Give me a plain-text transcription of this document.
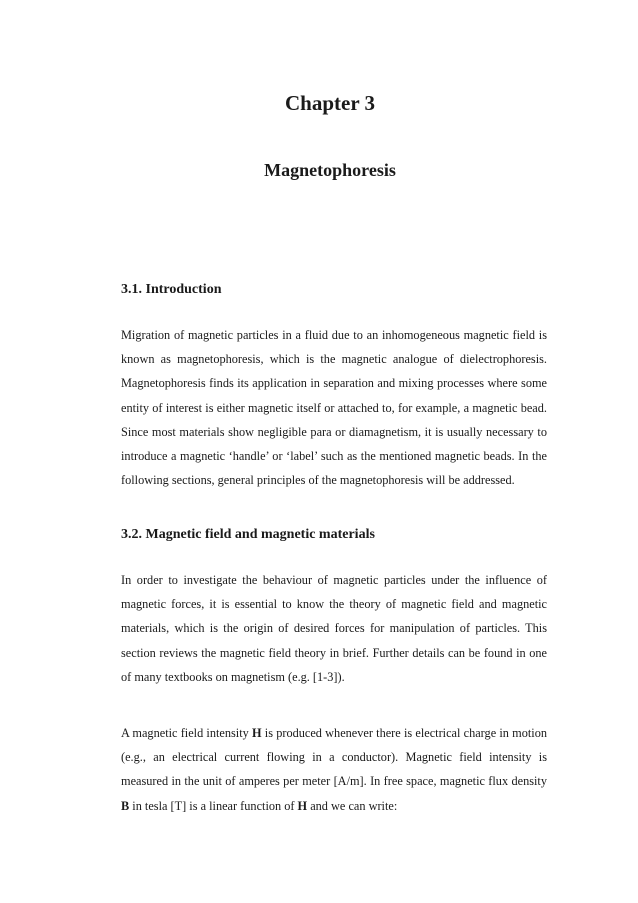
Chapter 3
Magnetophoresis
3.1. Introduction

Migration of magnetic particles in a fluid due to an inhomogeneous magnetic field is known as magnetophoresis, which is the magnetic analogue of dielectrophoresis. Magnetophoresis finds its application in separation and mixing processes where some entity of interest is either magnetic itself or attached to, for example, a magnetic bead. Since most materials show negligible para or diamagnetism, it is usually necessary to introduce a magnetic ‘handle’ or ‘label’ such as the mentioned magnetic beads. In the following sections, general principles of the magnetophoresis will be addressed.

3.2. Magnetic field and magnetic materials

In order to investigate the behaviour of magnetic particles under the influence of magnetic forces, it is essential to know the theory of magnetic field and magnetic materials, which is the origin of desired forces for manipulation of particles. This section reviews the magnetic field theory in brief. Further details can be found in one of many textbooks on magnetism (e.g. [1-3]).

A magnetic field intensity H is produced whenever there is electrical charge in motion (e.g., an electrical current flowing in a conductor). Magnetic field intensity is measured in the unit of amperes per meter [A/m]. In free space, magnetic flux density B in tesla [T] is a linear function of H and we can write:
